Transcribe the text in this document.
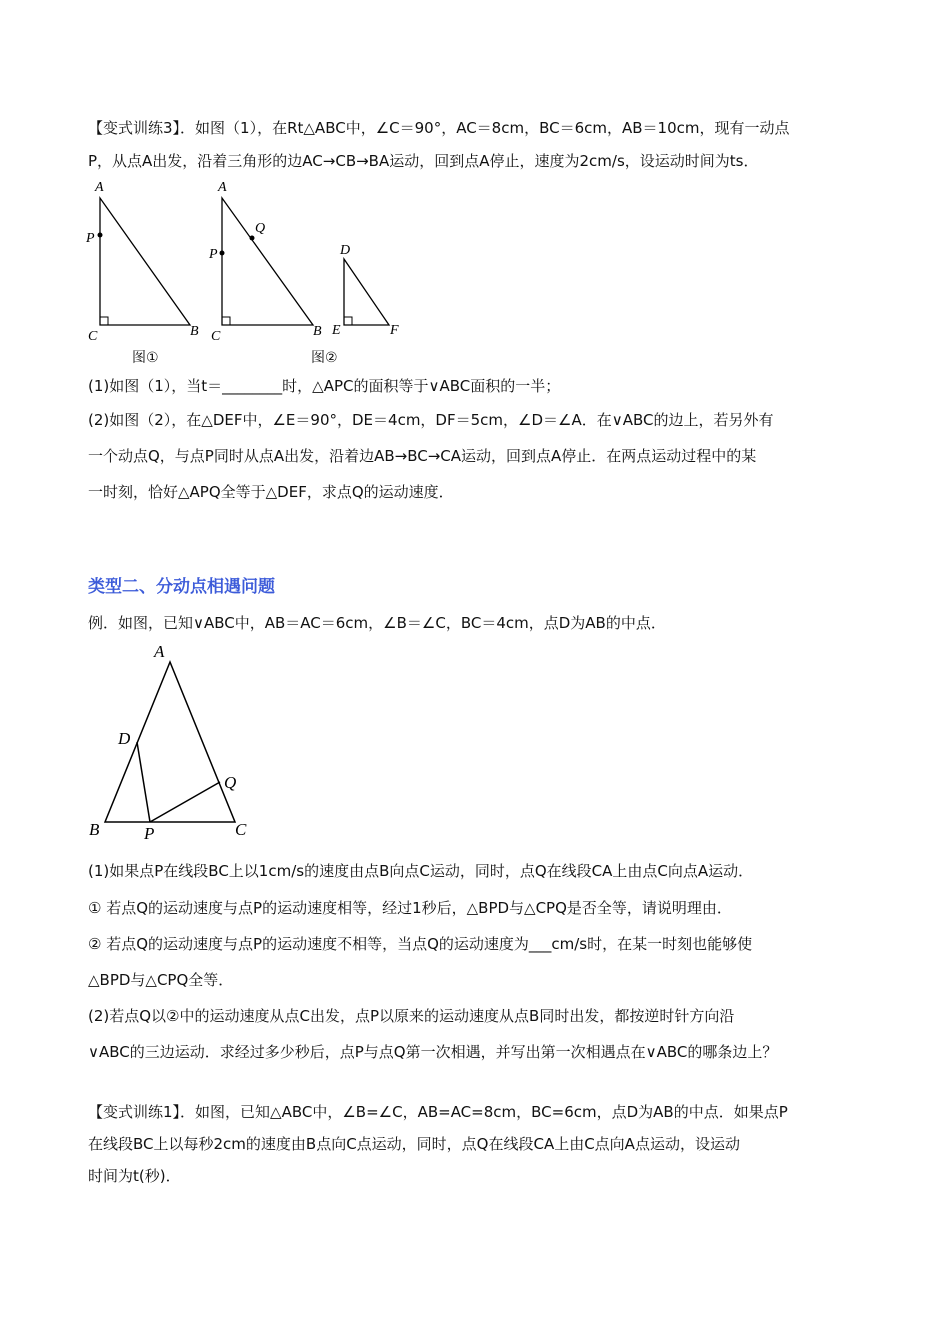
【变式训练3】．如图（1），在Rt△ABC中，∠C＝90°，AC＝8cm，BC＝6cm，AB＝10cm，现有一动点
P，从点A出发，沿着三角形的边AC→CB→BA运动，回到点A停止，速度为2cm/s，设运动时间为ts．
A
P
C	B
图①
A
Q
P
C	B
D
E	F
图②
(1)如图（1），当t＝________时，△APC的面积等于∨ABC面积的一半；
(2)如图（2），在△DEF中，∠E＝90°，DE＝4cm，DF＝5cm，∠D＝∠A．在∨ABC的边上，若另外有
一个动点Q，与点P同时从点A出发，沿着边AB→BC→CA运动，回到点A停止．在两点运动过程中的某
一时刻，恰好△APQ全等于△DEF，求点Q的运动速度．
类型二、分动点相遇问题
例．如图，已知∨ABC中，AB＝AC＝6cm，∠B＝∠C，BC＝4cm，点D为AB的中点．
A
D
Q
B	P	C
(1)如果点P在线段BC上以1cm/s的速度由点B向点C运动，同时，点Q在线段CA上由点C向点A运动．
① 若点Q的运动速度与点P的运动速度相等，经过1秒后，△BPD与△CPQ是否全等，请说明理由．
② 若点Q的运动速度与点P的运动速度不相等，当点Q的运动速度为___cm/s时，在某一时刻也能够使
△BPD与△CPQ全等．
(2)若点Q以②中的运动速度从点C出发，点P以原来的运动速度从点B同时出发，都按逆时针方向沿
∨ABC的三边运动．求经过多少秒后，点P与点Q第一次相遇，并写出第一次相遇点在∨ABC的哪条边上？
【变式训练1】．如图，已知△ABC中，∠B=∠C，AB=AC=8cm，BC=6cm，点D为AB的中点．如果点P
在线段BC上以每秒2cm的速度由B点向C点运动，同时，点Q在线段CA上由C点向A点运动，设运动
时间为t(秒)．
